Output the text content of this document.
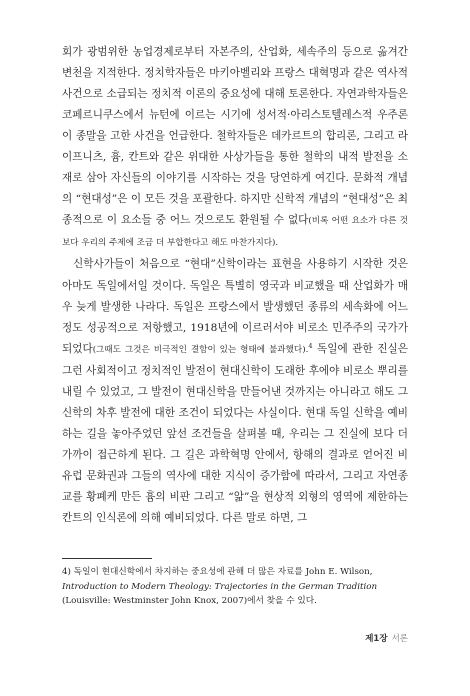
회가 광범위한 농업경제로부터 자본주의, 산업화, 세속주의 등으로 옮겨간 변천을 지적한다. 정치학자들은 마키아벨리와 프랑스 대혁명과 같은 역사적 사건으로 소급되는 정치적 이론의 중요성에 대해 토론한다. 자연과학자들은 코페르니쿠스에서 뉴턴에 이르는 시기에 성서적·아리스토텔레스적 우주론이 종말을 고한 사건을 언급한다. 철학자들은 데카르트의 합리론, 그리고 라이프니츠, 흄, 칸트와 같은 위대한 사상가들을 통한 철학의 내적 발전을 소재로 삼아 자신들의 이야기를 시작하는 것을 당연하게 여긴다. 문화적 개념의 “현대성”은 이 모든 것을 포괄한다. 하지만 신학적 개념의 “현대성”은 최종적으로 이 요소들 중 어느 것으로도 환원될 수 없다(비록 어떤 요소가 다른 것보다 우리의 주제에 조금 더 부합한다고 해도 마찬가지다).

신학사가들이 처음으로 “현대”신학이라는 표현을 사용하기 시작한 것은 아마도 독일에서일 것이다. 독일은 특별히 영국과 비교했을 때 산업화가 매우 늦게 발생한 나라다. 독일은 프랑스에서 발생했던 종류의 세속화에 어느 정도 성공적으로 저항했고, 1918년에 이르러서야 비로소 민주주의 국가가 되었다(그때도 그것은 비극적인 결함이 있는 형태에 불과했다).$^4$ 독일에 관한 진실은 그런 사회적이고 정치적인 발전이 현대신학이 도래한 후에야 비로소 뿌리를 내릴 수 있었고, 그 발전이 현대신학을 만들어낸 것까지는 아니라고 해도 그 신학의 차후 발전에 대한 조건이 되었다는 사실이다. 현대 독일 신학을 예비하는 길을 놓아주었던 앞선 조건들을 살펴볼 때, 우리는 그 진실에 보다 더 가까이 접근하게 된다. 그 길은 과학혁명 안에서, 항해의 결과로 얻어진 비유럽 문화권과 그들의 역사에 대한 지식이 증가함에 따라서, 그리고 자연종교를 황폐케 만든 흄의 비판 그리고 “앎”을 현상적 외형의 영역에 제한하는 칸트의 인식론에 의해 예비되었다. 다른 말로 하면, 그

4) 독일이 현대신학에서 차지하는 중요성에 관해 더 많은 자료를 John E. Wilson, Introduction to Modern Theology: Trajectories in the German Tradition (Louisville: Westminster John Knox, 2007)에서 찾을 수 있다.
제1장 서론
